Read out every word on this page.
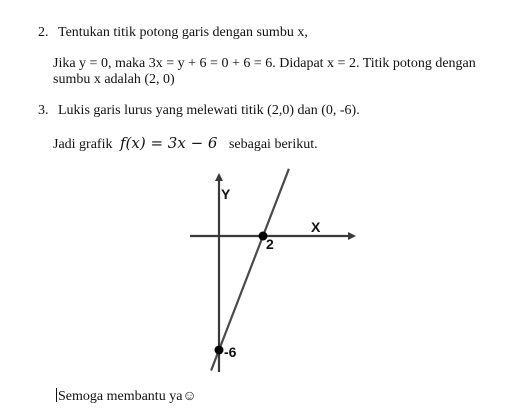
2. Tentukan titik potong garis dengan sumbu x,
Jika y = 0, maka 3x = y + 6 = 0 + 6 = 6. Didapat x = 2. Titik potong dengan
sumbu x adalah (2, 0)
3. Lukis garis lurus yang melewati titik (2,0) dan (0, -6).
Jadi grafik f(x) = 3x − 6 sebagai berikut.
Y
X
2
-6
Semoga membantu ya☺
